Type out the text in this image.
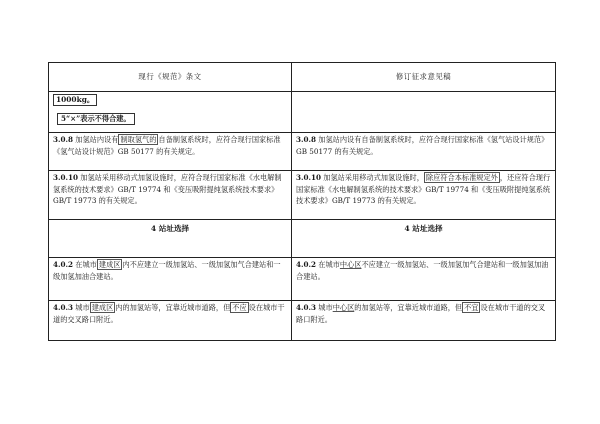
现行《规范》条文	修订征求意见稿
1000kg。
5“×”表示不得合建。	
3.0.8 加氢站内设有 制取氢气的 自备制氢系统时，应符合现行国家标准《氢气站设计规范》GB 50177 的有关规定。	3.0.8 加氢站内设有自备制氢系统时，应符合现行国家标准《氢气站设计规范》GB 50177 的有关规定。
3.0.10 加氢站采用移动式加氢设施时，应符合现行国家标准《水电解制氢系统的技术要求》GB/T 19774 和《变压吸附提纯氢系统技术要求》GB/T 19773 的有关规定。	3.0.10 加氢站采用移动式加氢设施时， 除应符合本标准规定外 ，还应符合现行国家标准《水电解制氢系统的技术要求》GB/T 19774 和《变压吸附提纯氢系统技术要求》GB/T 19773 的有关规定。
4 站址选择	4 站址选择
4.0.2 在城市 建成区 内不应建立一级加氢站、一级加氢加气合建站和一级加氢加油合建站。	4.0.2 在城市中心区不应建立一级加氢站、一级加氢加气合建站和一级加氢加油合建站。
4.0.3 城市 建成区 内的加氢站等，宜靠近城市道路，但 不应 设在城市干道的交叉路口附近。	4.0.3 城市中心区的加氢站等，宜靠近城市道路，但 不宜 设在城市干道的交叉路口附近。
